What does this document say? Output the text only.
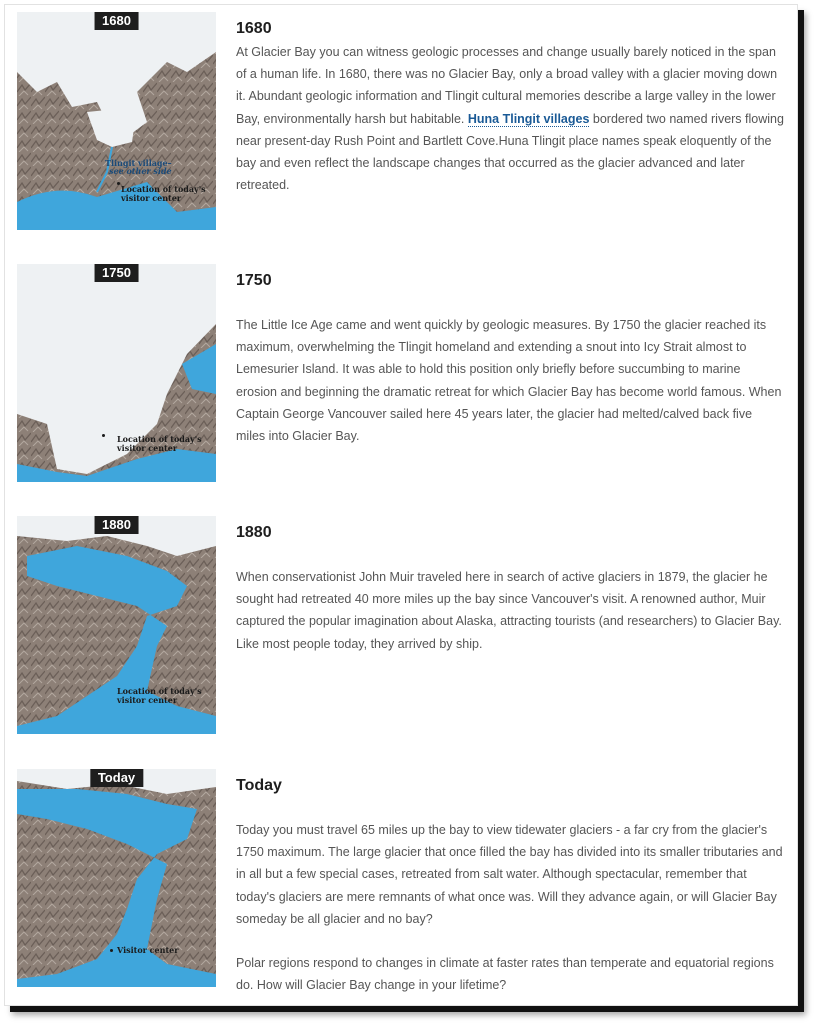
1680
Tlingit village–
see other side
Location of today's
visitor center
1680

At Glacier Bay you can witness geologic processes and change usually barely noticed in the span of a human life. In 1680, there was no Glacier Bay, only a broad valley with a glacier moving down it. Abundant geologic information and Tlingit cultural memories describe a large valley in the lower Bay, environmentally harsh but habitable. Huna Tlingit villages bordered two named rivers flowing near present-day Rush Point and Bartlett Cove.Huna Tlingit place names speak eloquently of the bay and even reflect the landscape changes that occurred as the glacier advanced and later retreated.

1750
Location of today's
visitor center
1750

The Little Ice Age came and went quickly by geologic measures. By 1750 the glacier reached its maximum, overwhelming the Tlingit homeland and extending a snout into Icy Strait almost to Lemesurier Island. It was able to hold this position only briefly before succumbing to marine erosion and beginning the dramatic retreat for which Glacier Bay has become world famous. When Captain George Vancouver sailed here 45 years later, the glacier had melted/calved back five miles into Glacier Bay.

1880
Location of today's
visitor center
1880

When conservationist John Muir traveled here in search of active glaciers in 1879, the glacier he sought had retreated 40 more miles up the bay since Vancouver's visit. A renowned author, Muir captured the popular imagination about Alaska, attracting tourists (and researchers) to Glacier Bay. Like most people today, they arrived by ship.

Today
Visitor center
Today

Today you must travel 65 miles up the bay to view tidewater glaciers - a far cry from the glacier's 1750 maximum. The large glacier that once filled the bay has divided into its smaller tributaries and in all but a few special cases, retreated from salt water. Although spectacular, remember that today's glaciers are mere remnants of what once was. Will they advance again, or will Glacier Bay someday be all glacier and no bay?

Polar regions respond to changes in climate at faster rates than temperate and equatorial regions do. How will Glacier Bay change in your lifetime?
